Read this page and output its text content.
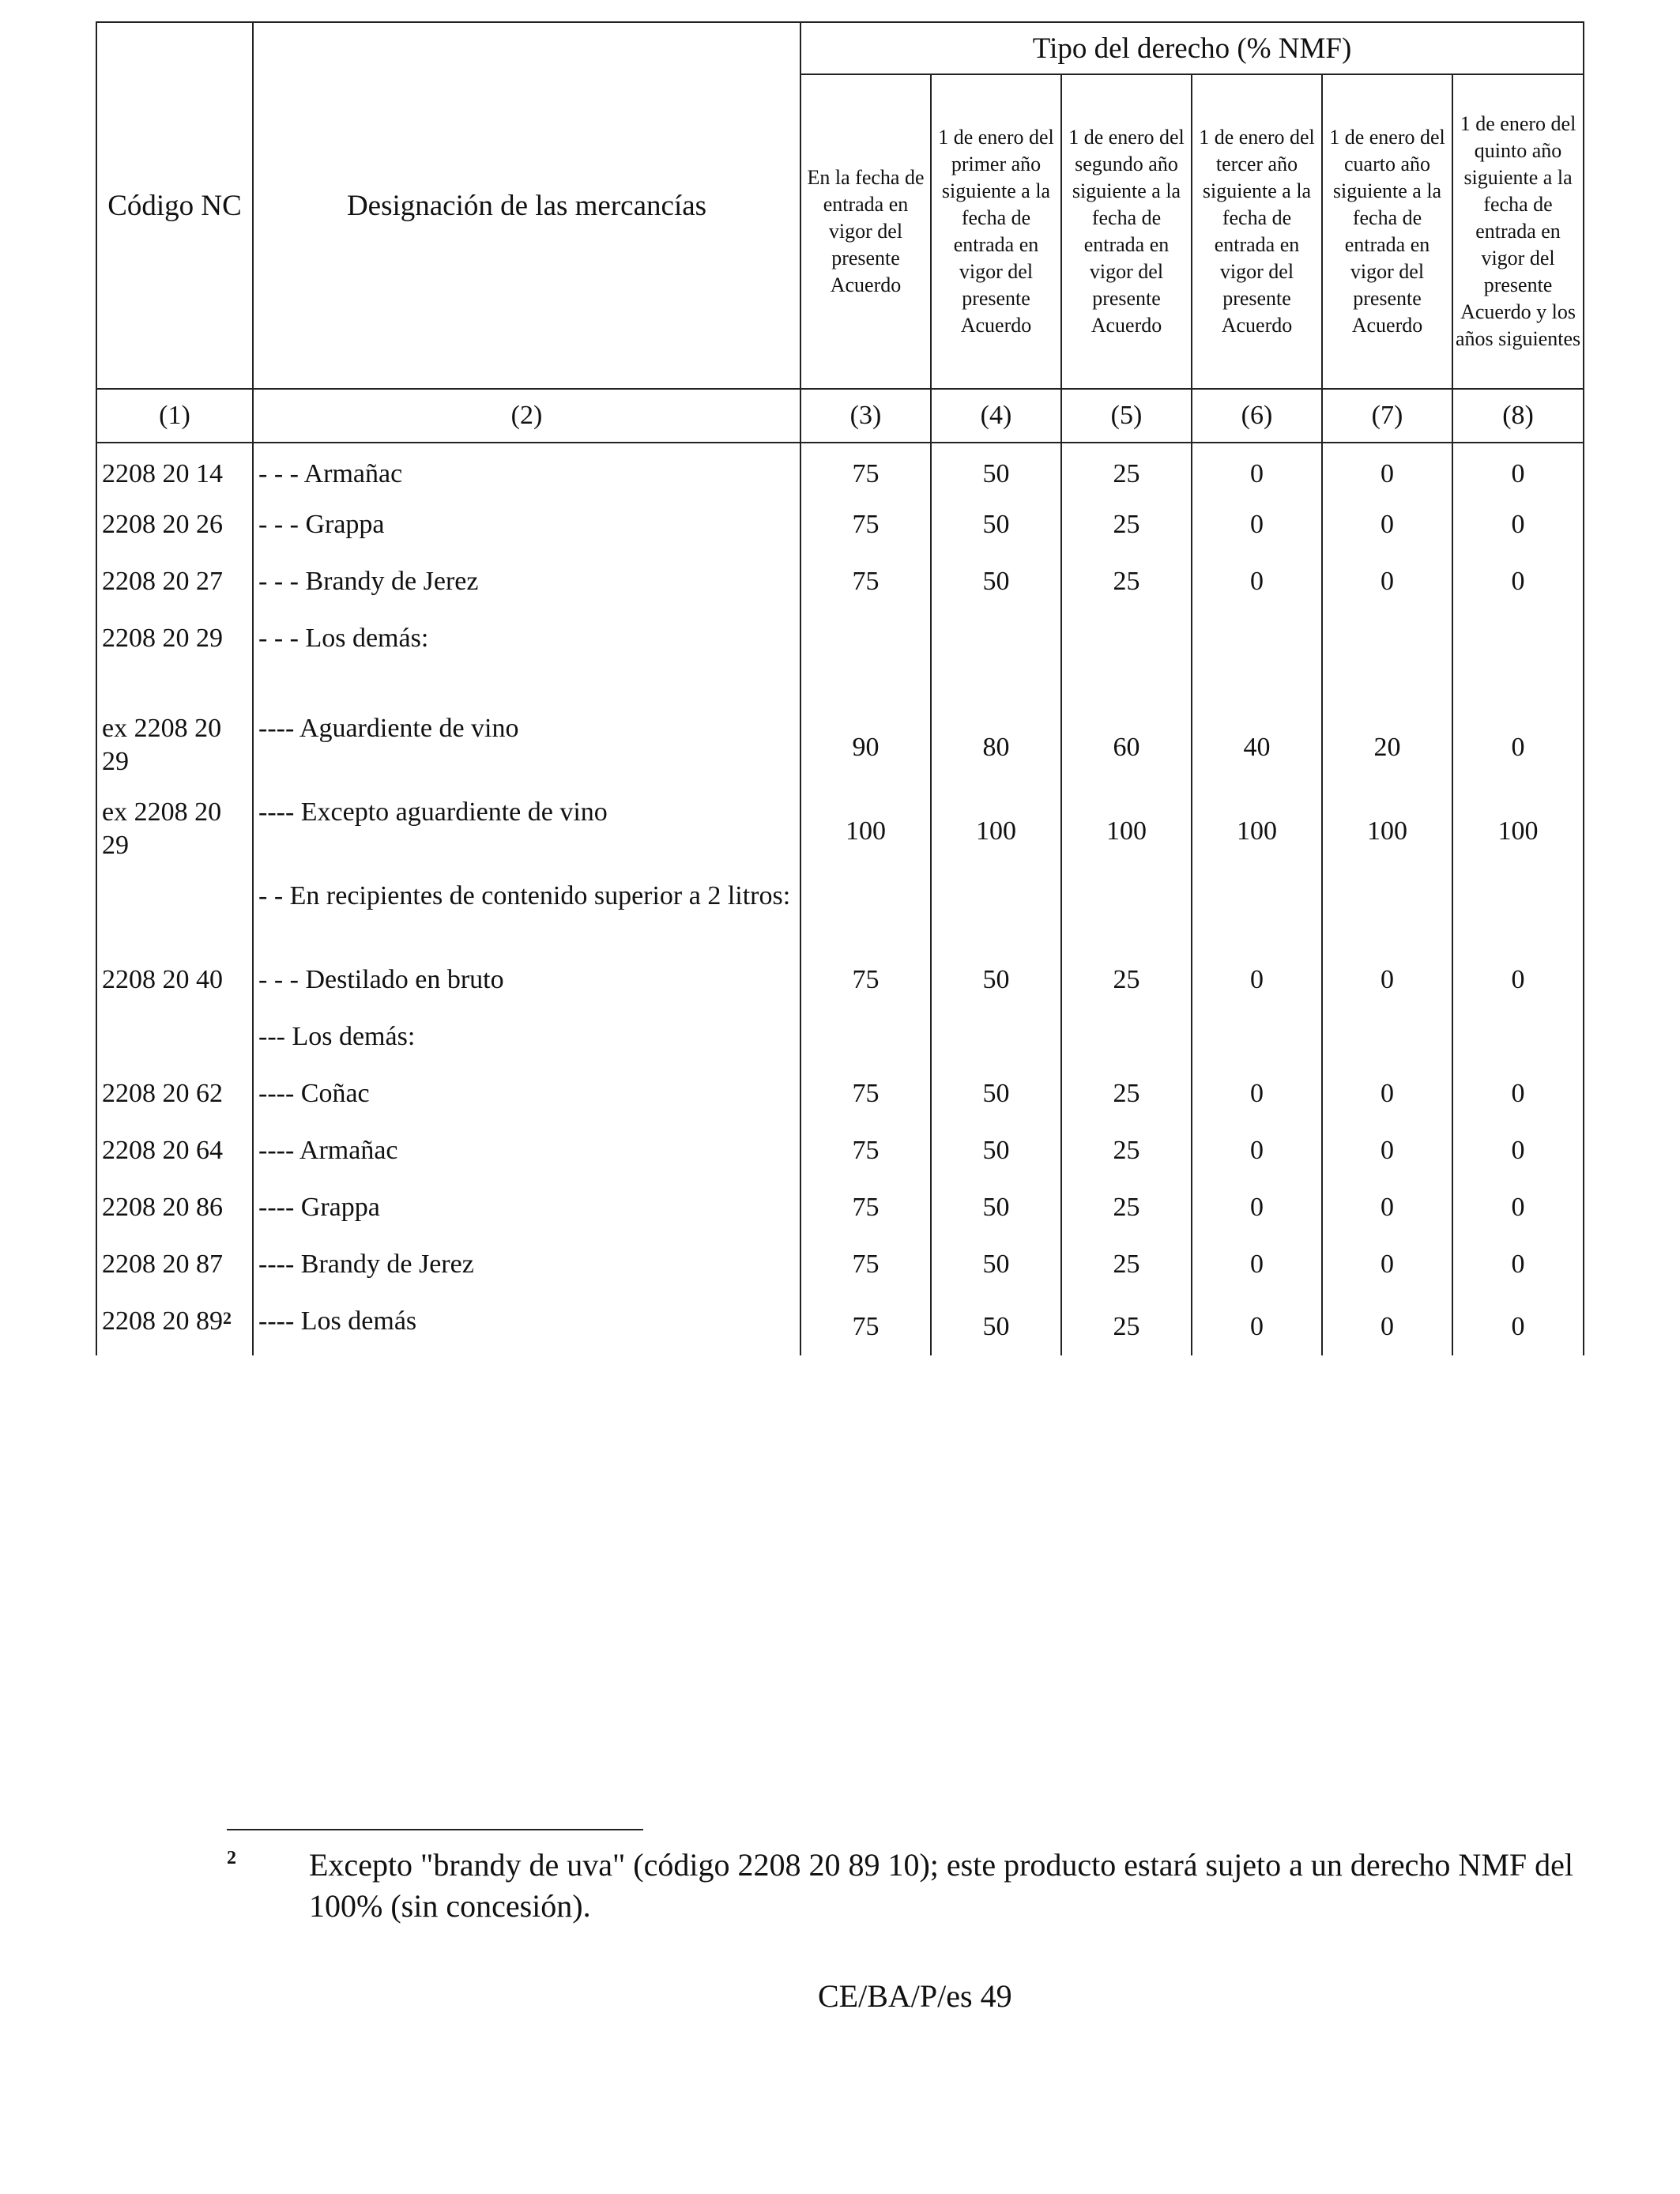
Código NC	Designación de las mercancías	Tipo del derecho (% NMF)					
		En la fecha de entrada en vigor del presente Acuerdo	1 de enero del primer año siguiente a la fecha de entrada en vigor del presente Acuerdo	1 de enero del segundo año siguiente a la fecha de entrada en vigor del presente Acuerdo	1 de enero del tercer año siguiente a la fecha de entrada en vigor del presente Acuerdo	1 de enero del cuarto año siguiente a la fecha de entrada en vigor del presente Acuerdo	1 de enero del quinto año siguiente a la fecha de entrada en vigor del presente Acuerdo y los años siguientes
(1)	(2)	(3)	(4)	(5)	(6)	(7)	(8)
2208 20 14	- - - Armañac	75	50	25	0	0	0
2208 20 26	- - - Grappa	75	50	25	0	0	0
2208 20 27	- - - Brandy de Jerez	75	50	25	0	0	0
2208 20 29	- - - Los demás:						
ex 2208 20 29	---- Aguardiente de vino	90	80	60	40	20	0
ex 2208 20 29	---- Excepto aguardiente de vino	100	100	100	100	100	100
	- - En recipientes de contenido superior a 2 litros:						
2208 20 40	- - - Destilado en bruto	75	50	25	0	0	0
	--- Los demás:						
2208 20 62	---- Coñac	75	50	25	0	0	0
2208 20 64	---- Armañac	75	50	25	0	0	0
2208 20 86	---- Grappa	75	50	25	0	0	0
2208 20 87	---- Brandy de Jerez	75	50	25	0	0	0
2208 20 $89^2$	---- Los demás	75	50	25	0	0	0
2 Excepto "brandy de uva" (código 2208 20 89 10); este producto estará sujeto a un derecho NMF del 100% (sin concesión).
CE/BA/P/es 49
